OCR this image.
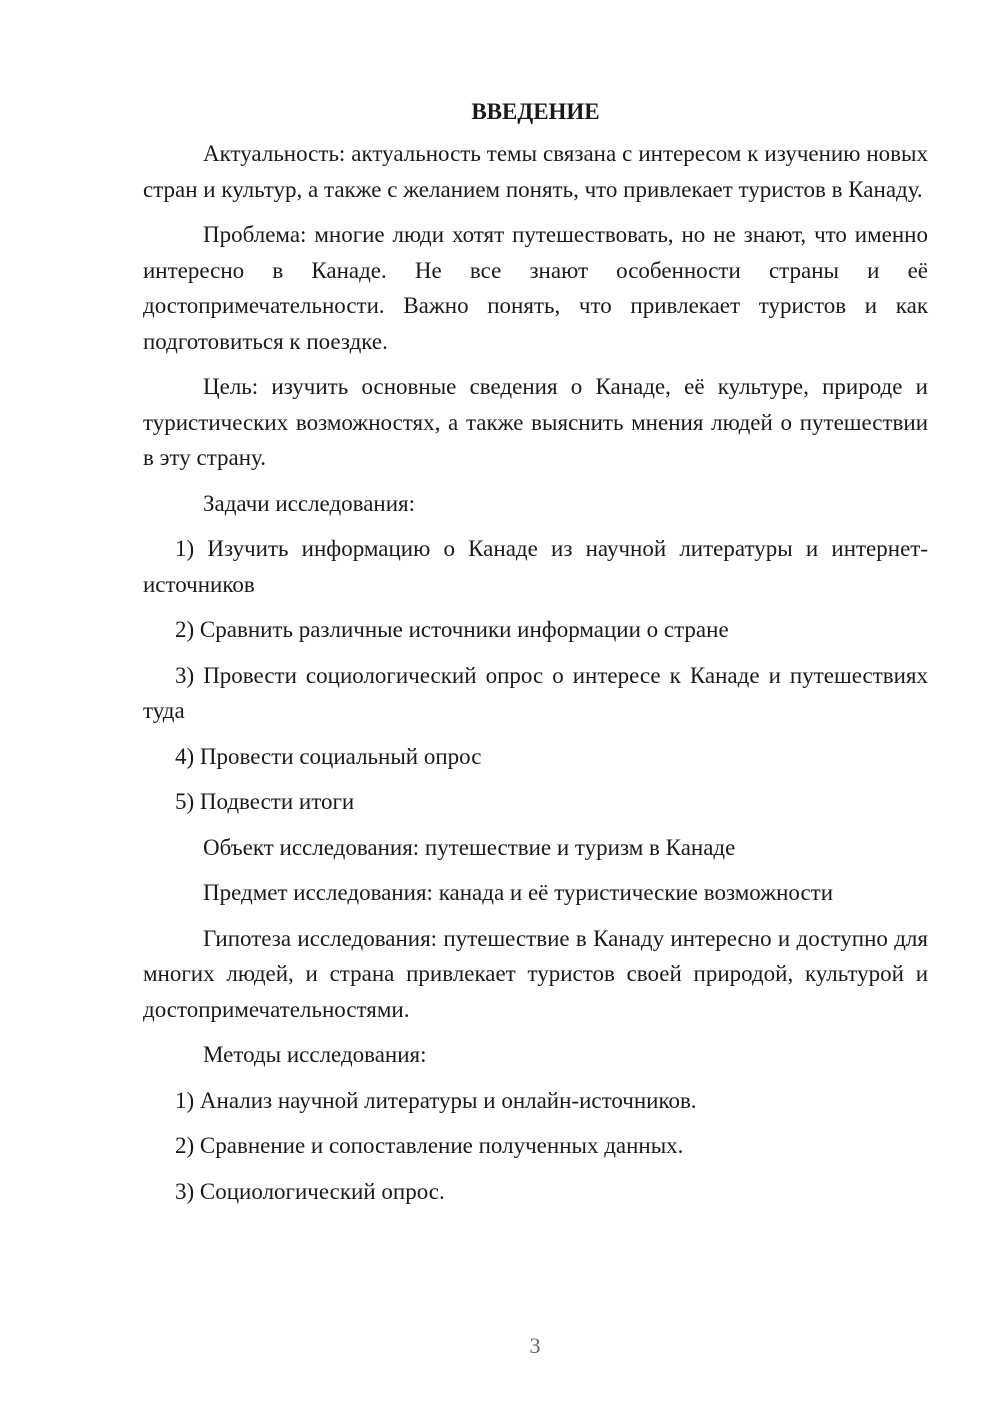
ВВЕДЕНИЕ

Актуальность: актуальность темы связана с интересом к изучению новых стран и культур, а также с желанием понять, что привлекает туристов в Канаду.

Проблема: многие люди хотят путешествовать, но не знают, что именно интересно в Канаде. Не все знают особенности страны и её достопримечательности. Важно понять, что привлекает туристов и как подготовиться к поездке.

Цель: изучить основные сведения о Канаде, её культуре, природе и туристических возможностях, а также выяснить мнения людей о путешествии в эту страну.

Задачи исследования:

1) Изучить информацию о Канаде из научной литературы и интернет-источников

2) Сравнить различные источники информации о стране

3) Провести социологический опрос о интересе к Канаде и путешествиях туда

4) Провести социальный опрос

5) Подвести итоги

Объект исследования: путешествие и туризм в Канаде

Предмет исследования: канада и её туристические возможности

Гипотеза исследования: путешествие в Канаду интересно и доступно для многих людей, и страна привлекает туристов своей природой, культурой и достопримечательностями.

Методы исследования:

1) Анализ научной литературы и онлайн-источников.

2) Сравнение и сопоставление полученных данных.

3) Социологический опрос.

3
